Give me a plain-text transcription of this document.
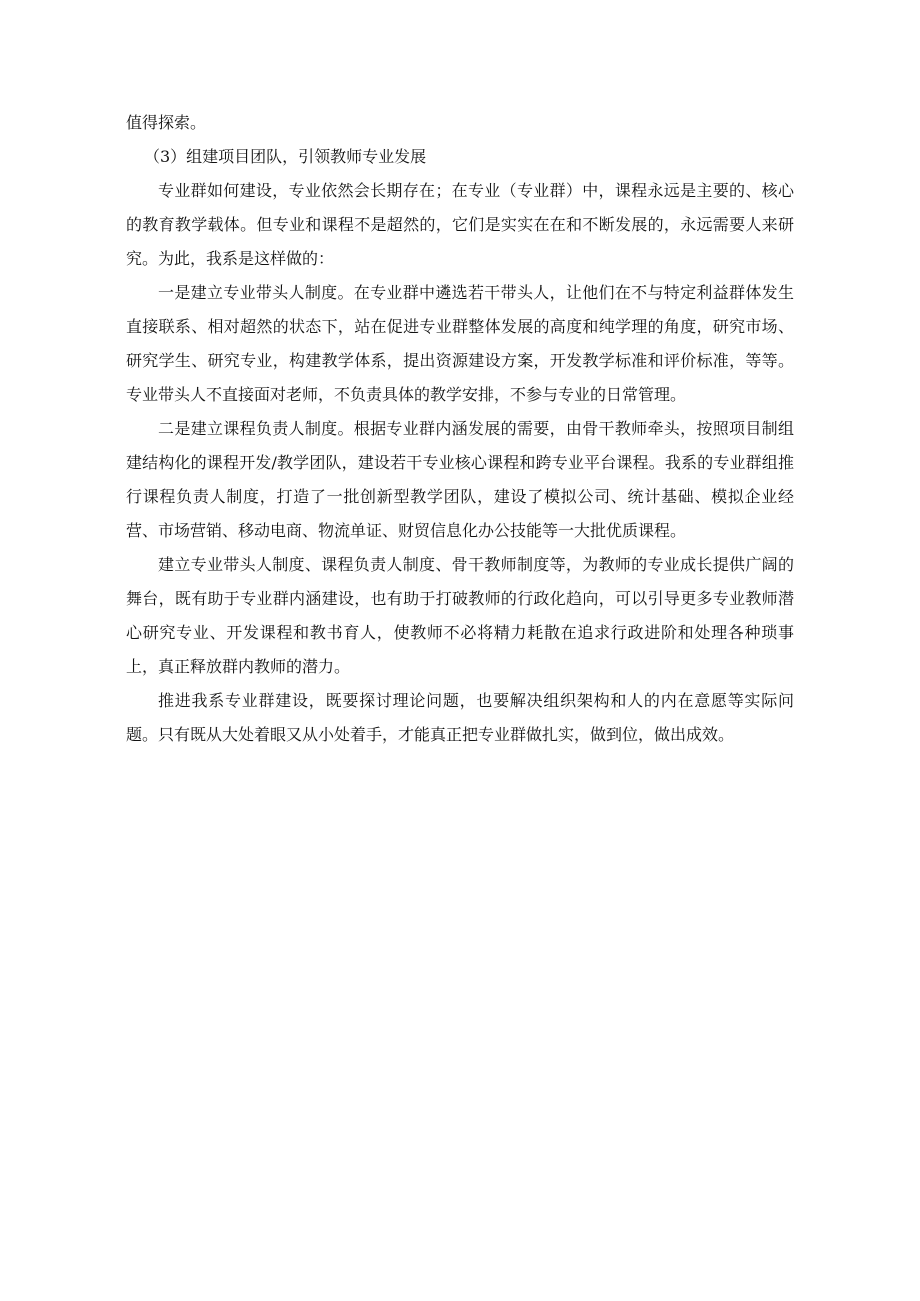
值得探索。

（3）组建项目团队，引领教师专业发展

专业群如何建设，专业依然会长期存在；在专业（专业群）中，课程永远是主要的、核心的教育教学载体。但专业和课程不是超然的，它们是实实在在和不断发展的，永远需要人来研究。为此，我系是这样做的：

一是建立专业带头人制度。在专业群中遴选若干带头人，让他们在不与特定利益群体发生直接联系、相对超然的状态下，站在促进专业群整体发展的高度和纯学理的角度，研究市场、研究学生、研究专业，构建教学体系，提出资源建设方案，开发教学标准和评价标准，等等。专业带头人不直接面对老师，不负责具体的教学安排，不参与专业的日常管理。

二是建立课程负责人制度。根据专业群内涵发展的需要，由骨干教师牵头，按照项目制组建结构化的课程开发/教学团队，建设若干专业核心课程和跨专业平台课程。我系的专业群组推行课程负责人制度，打造了一批创新型教学团队，建设了模拟公司、统计基础、模拟企业经营、市场营销、移动电商、物流单证、财贸信息化办公技能等一大批优质课程。

建立专业带头人制度、课程负责人制度、骨干教师制度等，为教师的专业成长提供广阔的舞台，既有助于专业群内涵建设，也有助于打破教师的行政化趋向，可以引导更多专业教师潜心研究专业、开发课程和教书育人，使教师不必将精力耗散在追求行政进阶和处理各种琐事上，真正释放群内教师的潜力。

推进我系专业群建设，既要探讨理论问题，也要解决组织架构和人的内在意愿等实际问题。只有既从大处着眼又从小处着手，才能真正把专业群做扎实，做到位，做出成效。
